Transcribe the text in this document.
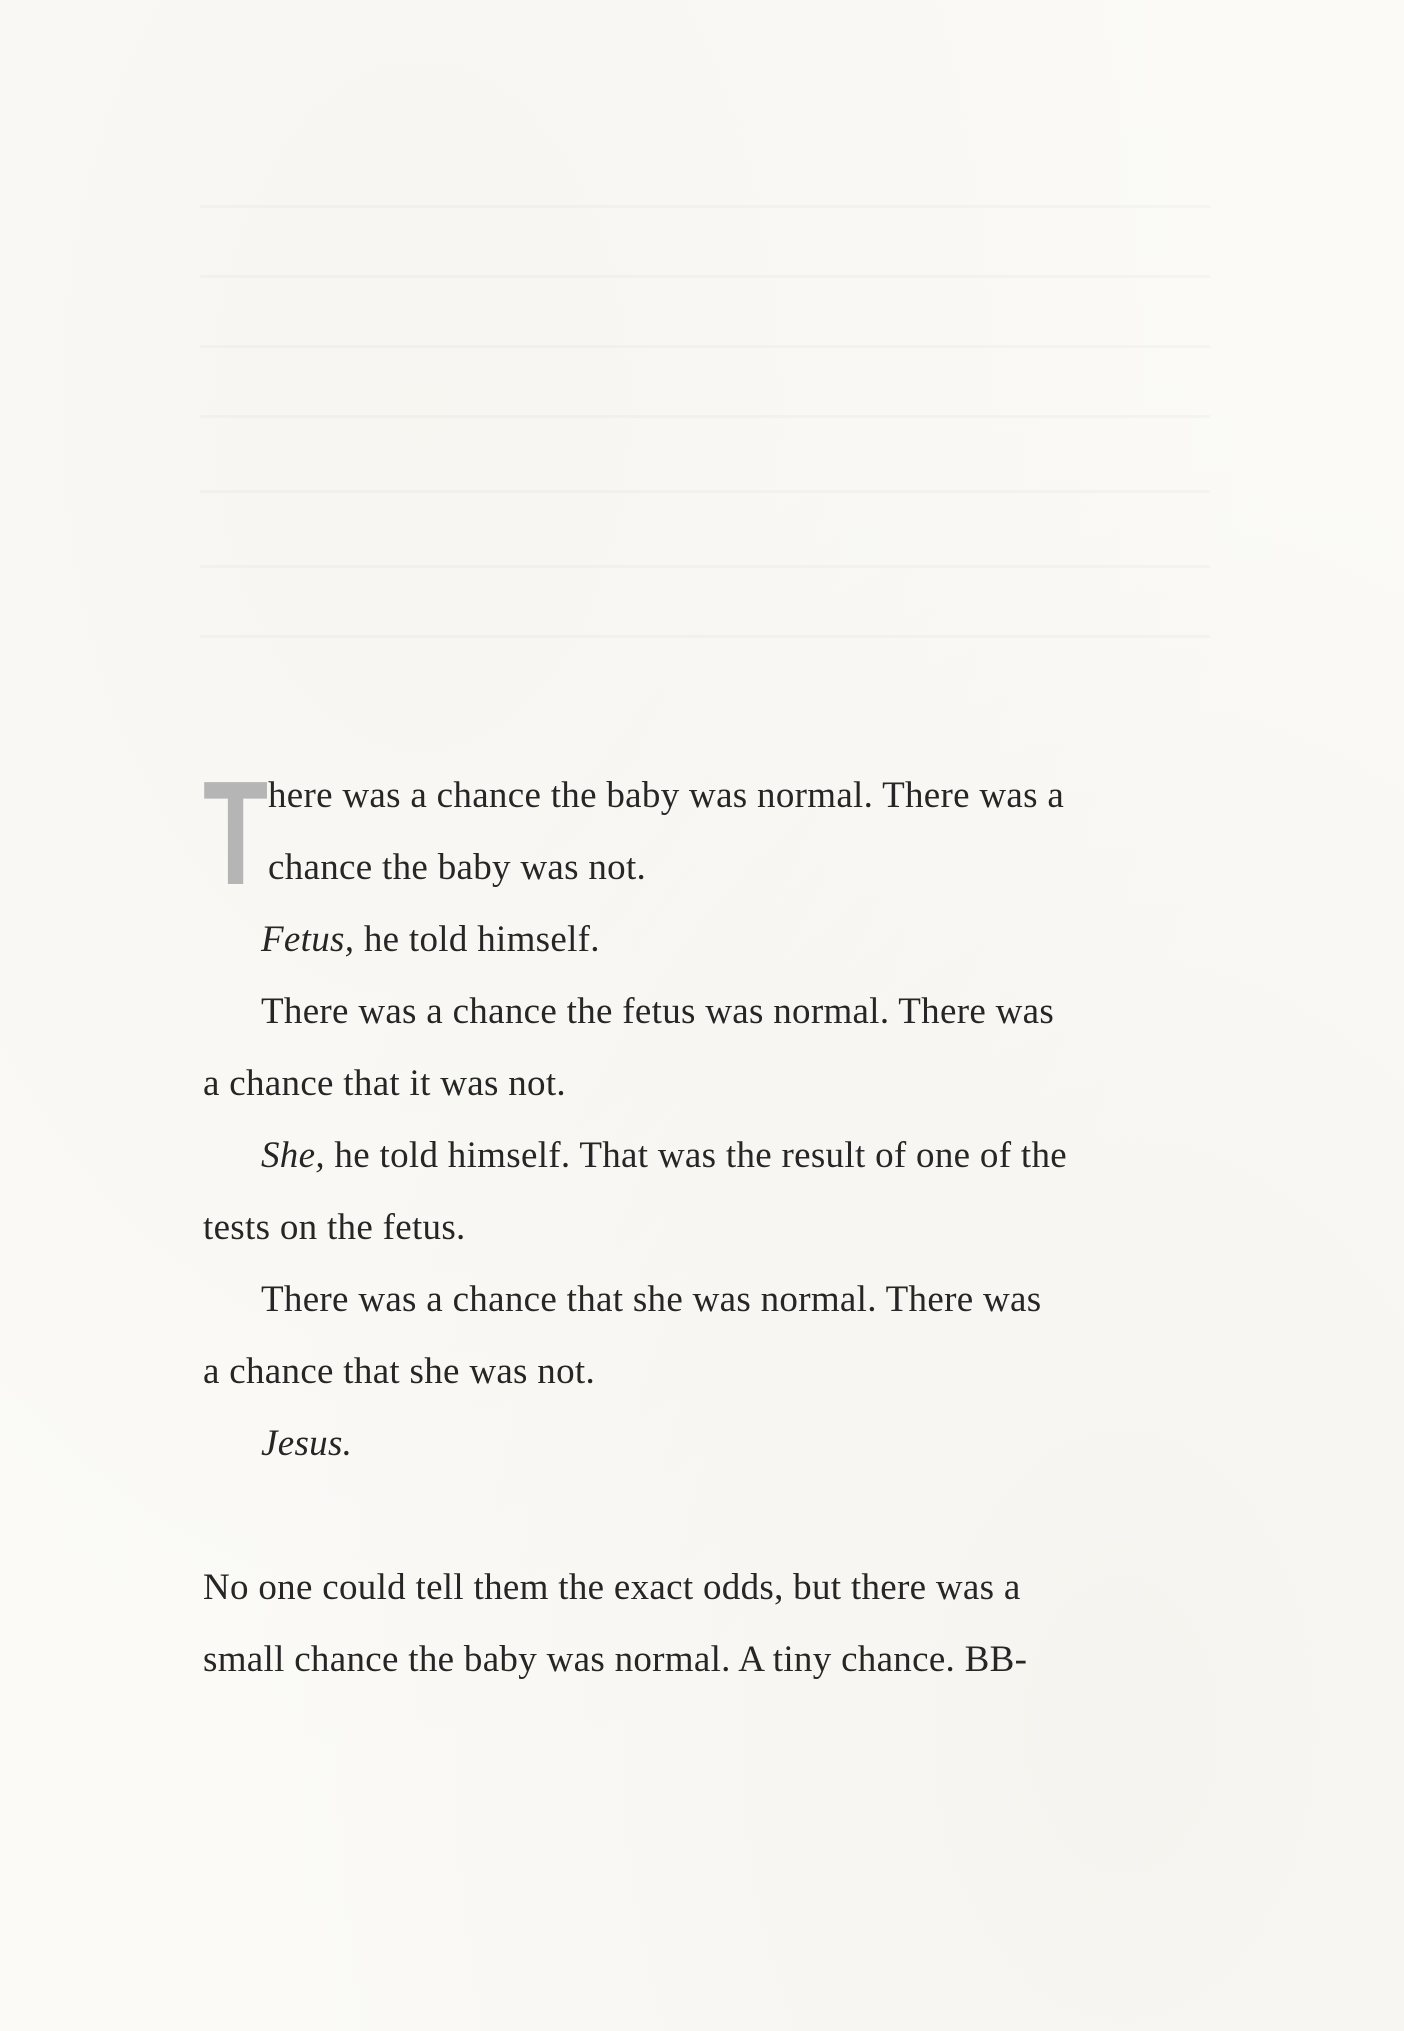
T here was a chance the baby was normal. There was a
chance the baby was not.
Fetus, he told himself.
There was a chance the fetus was normal. There was
a chance that it was not.
She, he told himself. That was the result of one of the
tests on the fetus.
There was a chance that she was normal. There was
a chance that she was not.
Jesus.
No one could tell them the exact odds, but there was a
small chance the baby was normal. A tiny chance. BB-
